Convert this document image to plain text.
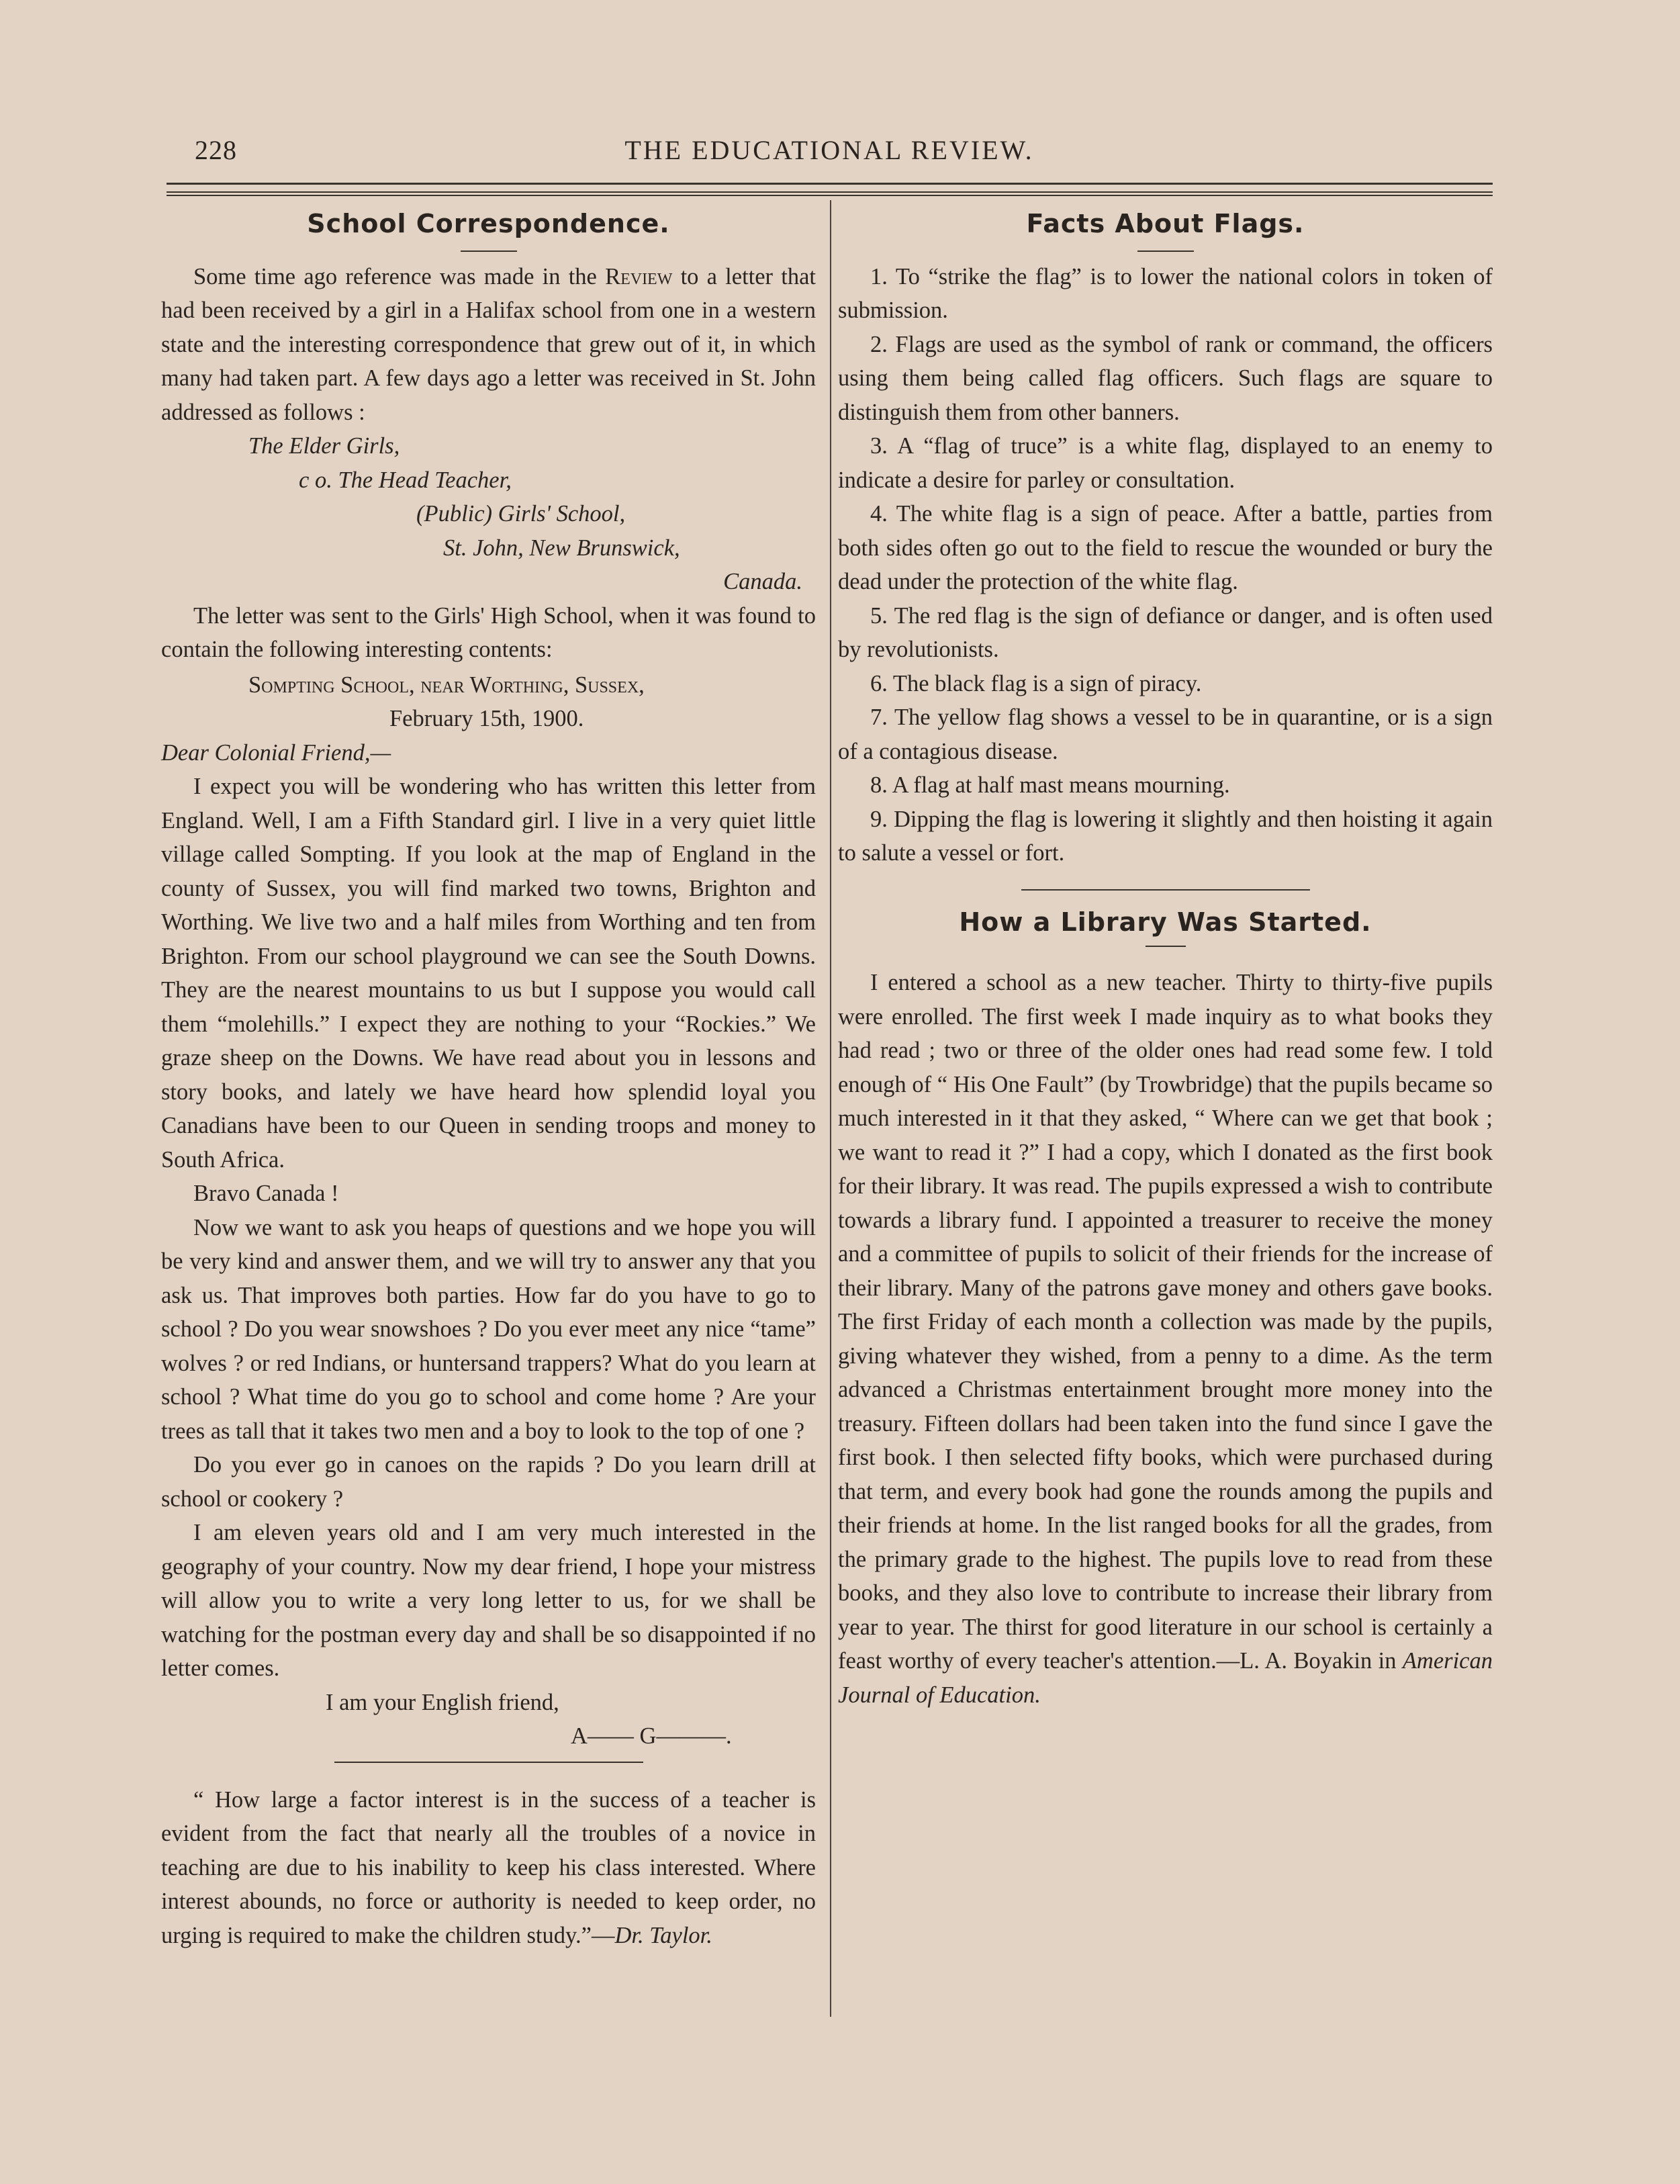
228	THE EDUCATIONAL REVIEW.
School Correspondence.

Some time ago reference was made in the Review to a letter that had been received by a girl in a Halifax school from one in a western state and the interesting correspondence that grew out of it, in which many had taken part. A few days ago a letter was received in St. John addressed as follows :

The Elder Girls,
c o. The Head Teacher,
(Public) Girls' School,
St. John, New Brunswick,
Canada.

The letter was sent to the Girls' High School, when it was found to contain the following interesting contents:

Sompting School, near Worthing, Sussex,
February 15th, 1900.
Dear Colonial Friend,—

I expect you will be wondering who has written this letter from England. Well, I am a Fifth Standard girl. I live in a very quiet little village called Sompting. If you look at the map of England in the county of Sussex, you will find marked two towns, Brighton and Worthing. We live two and a half miles from Worthing and ten from Brighton. From our school playground we can see the South Downs. They are the nearest mountains to us but I suppose you would call them “molehills.” I expect they are nothing to your “Rockies.” We graze sheep on the Downs. We have read about you in lessons and story books, and lately we have heard how splendid loyal you Canadians have been to our Queen in sending troops and money to South Africa.

Bravo Canada !

Now we want to ask you heaps of questions and we hope you will be very kind and answer them, and we will try to answer any that you ask us. That improves both parties. How far do you have to go to school ? Do you wear snowshoes ? Do you ever meet any nice “tame” wolves ? or red Indians, or huntersand trappers? What do you learn at school ? What time do you go to school and come home ? Are your trees as tall that it takes two men and a boy to look to the top of one ?

Do you ever go in canoes on the rapids ? Do you learn drill at school or cookery ?

I am eleven years old and I am very much interested in the geography of your country. Now my dear friend, I hope your mistress will allow you to write a very long letter to us, for we shall be watching for the postman every day and shall be so disappointed if no letter comes.

I am your English friend,
A—— G———.

“ How large a factor interest is in the success of a teacher is evident from the fact that nearly all the troubles of a novice in teaching are due to his inability to keep his class interested. Where interest abounds, no force or authority is needed to keep order, no urging is required to make the children study.”—Dr. Taylor.

Facts About Flags.
1. To “strike the flag” is to lower the national colors in token of submission.
2. Flags are used as the symbol of rank or command, the officers using them being called flag officers. Such flags are square to distinguish them from other banners.
3. A “flag of truce” is a white flag, displayed to an enemy to indicate a desire for parley or consultation.
4. The white flag is a sign of peace. After a battle, parties from both sides often go out to the field to rescue the wounded or bury the dead under the protection of the white flag.
5. The red flag is the sign of defiance or danger, and is often used by revolutionists.
6. The black flag is a sign of piracy.
7. The yellow flag shows a vessel to be in quarantine, or is a sign of a contagious disease.
8. A flag at half mast means mourning.
9. Dipping the flag is lowering it slightly and then hoisting it again to salute a vessel or fort.
How a Library Was Started.

I entered a school as a new teacher. Thirty to thirty-five pupils were enrolled. The first week I made inquiry as to what books they had read ; two or three of the older ones had read some few. I told enough of “ His One Fault” (by Trowbridge) that the pupils became so much interested in it that they asked, “ Where can we get that book ; we want to read it ?” I had a copy, which I donated as the first book for their library. It was read. The pupils expressed a wish to contribute towards a library fund. I appointed a treasurer to receive the money and a committee of pupils to solicit of their friends for the increase of their library. Many of the patrons gave money and others gave books. The first Friday of each month a collection was made by the pupils, giving whatever they wished, from a penny to a dime. As the term advanced a Christmas entertainment brought more money into the treasury. Fifteen dollars had been taken into the fund since I gave the first book. I then selected fifty books, which were purchased during that term, and every book had gone the rounds among the pupils and their friends at home. In the list ranged books for all the grades, from the primary grade to the highest. The pupils love to read from these books, and they also love to contribute to increase their library from year to year. The thirst for good literature in our school is certainly a feast worthy of every teacher's attention.—L. A. Boyakin in American Journal of Education.
